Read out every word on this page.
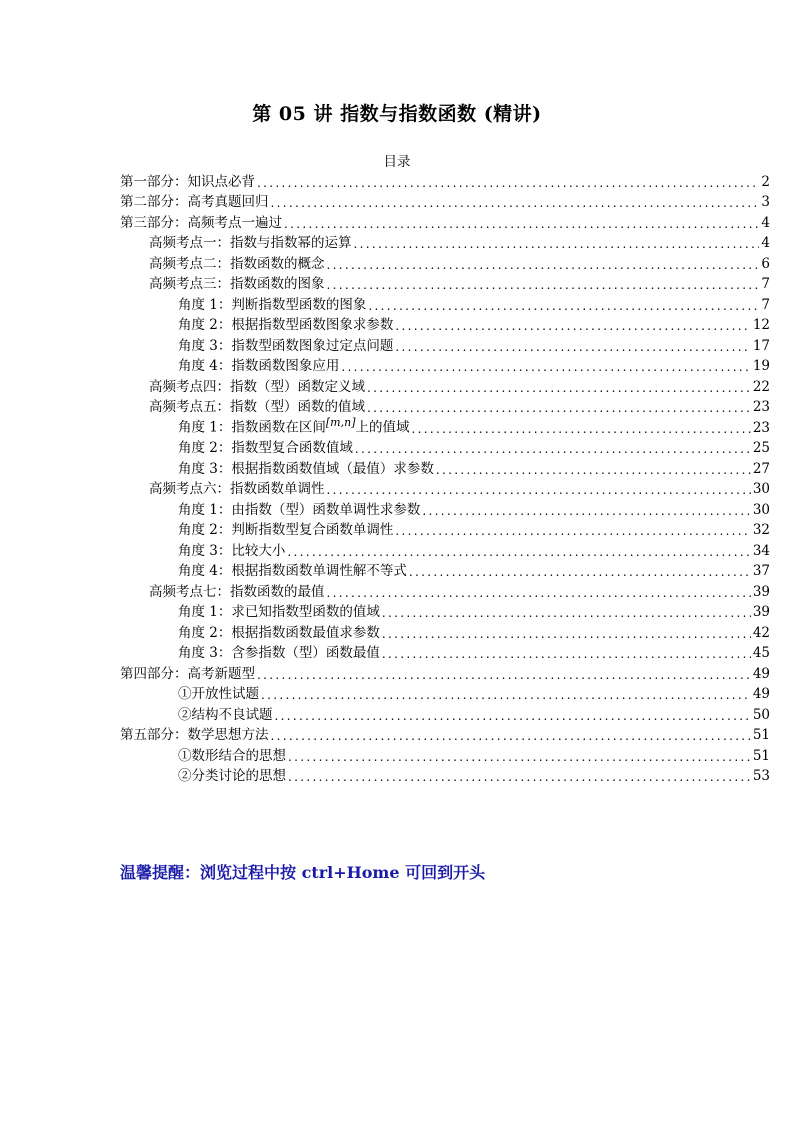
第 05 讲 指数与指数函数 (精讲)
目录
第一部分：知识点必背 .....	2
第二部分：高考真题回归 .....	3
第三部分：高频考点一遍过 .....	4
高频考点一：指数与指数幂的运算 .....	4
高频考点二：指数函数的概念 .....	6
高频考点三：指数函数的图象 .....	7
角度 1：判断指数型函数的图象 .....	7
角度 2：根据指数型函数图象求参数 .....	12
角度 3：指数型函数图象过定点问题 .....	17
角度 4：指数函数图象应用 .....	19
高频考点四：指数（型）函数定义域 .....	22
高频考点五：指数（型）函数的值域 .....	23
角度 1：指数函数在区间[m,n]上的值域 .....	23
角度 2：指数型复合函数值域 .....	25
角度 3：根据指数函数值域（最值）求参数 .....	27
高频考点六：指数函数单调性 .....	30
角度 1：由指数（型）函数单调性求参数 .....	30
角度 2：判断指数型复合函数单调性 .....	32
角度 3：比较大小 .....	34
角度 4：根据指数函数单调性解不等式 .....	37
高频考点七：指数函数的最值 .....	39
角度 1：求已知指数型函数的值域 .....	39
角度 2：根据指数函数最值求参数 .....	42
角度 3：含参指数（型）函数最值 .....	45
第四部分：高考新题型 .....	49
①开放性试题 .....	49
②结构不良试题 .....	50
第五部分：数学思想方法 .....	51
①数形结合的思想 .....	51
②分类讨论的思想 .....	53
温馨提醒：浏览过程中按 ctrl+Home 可回到开头
